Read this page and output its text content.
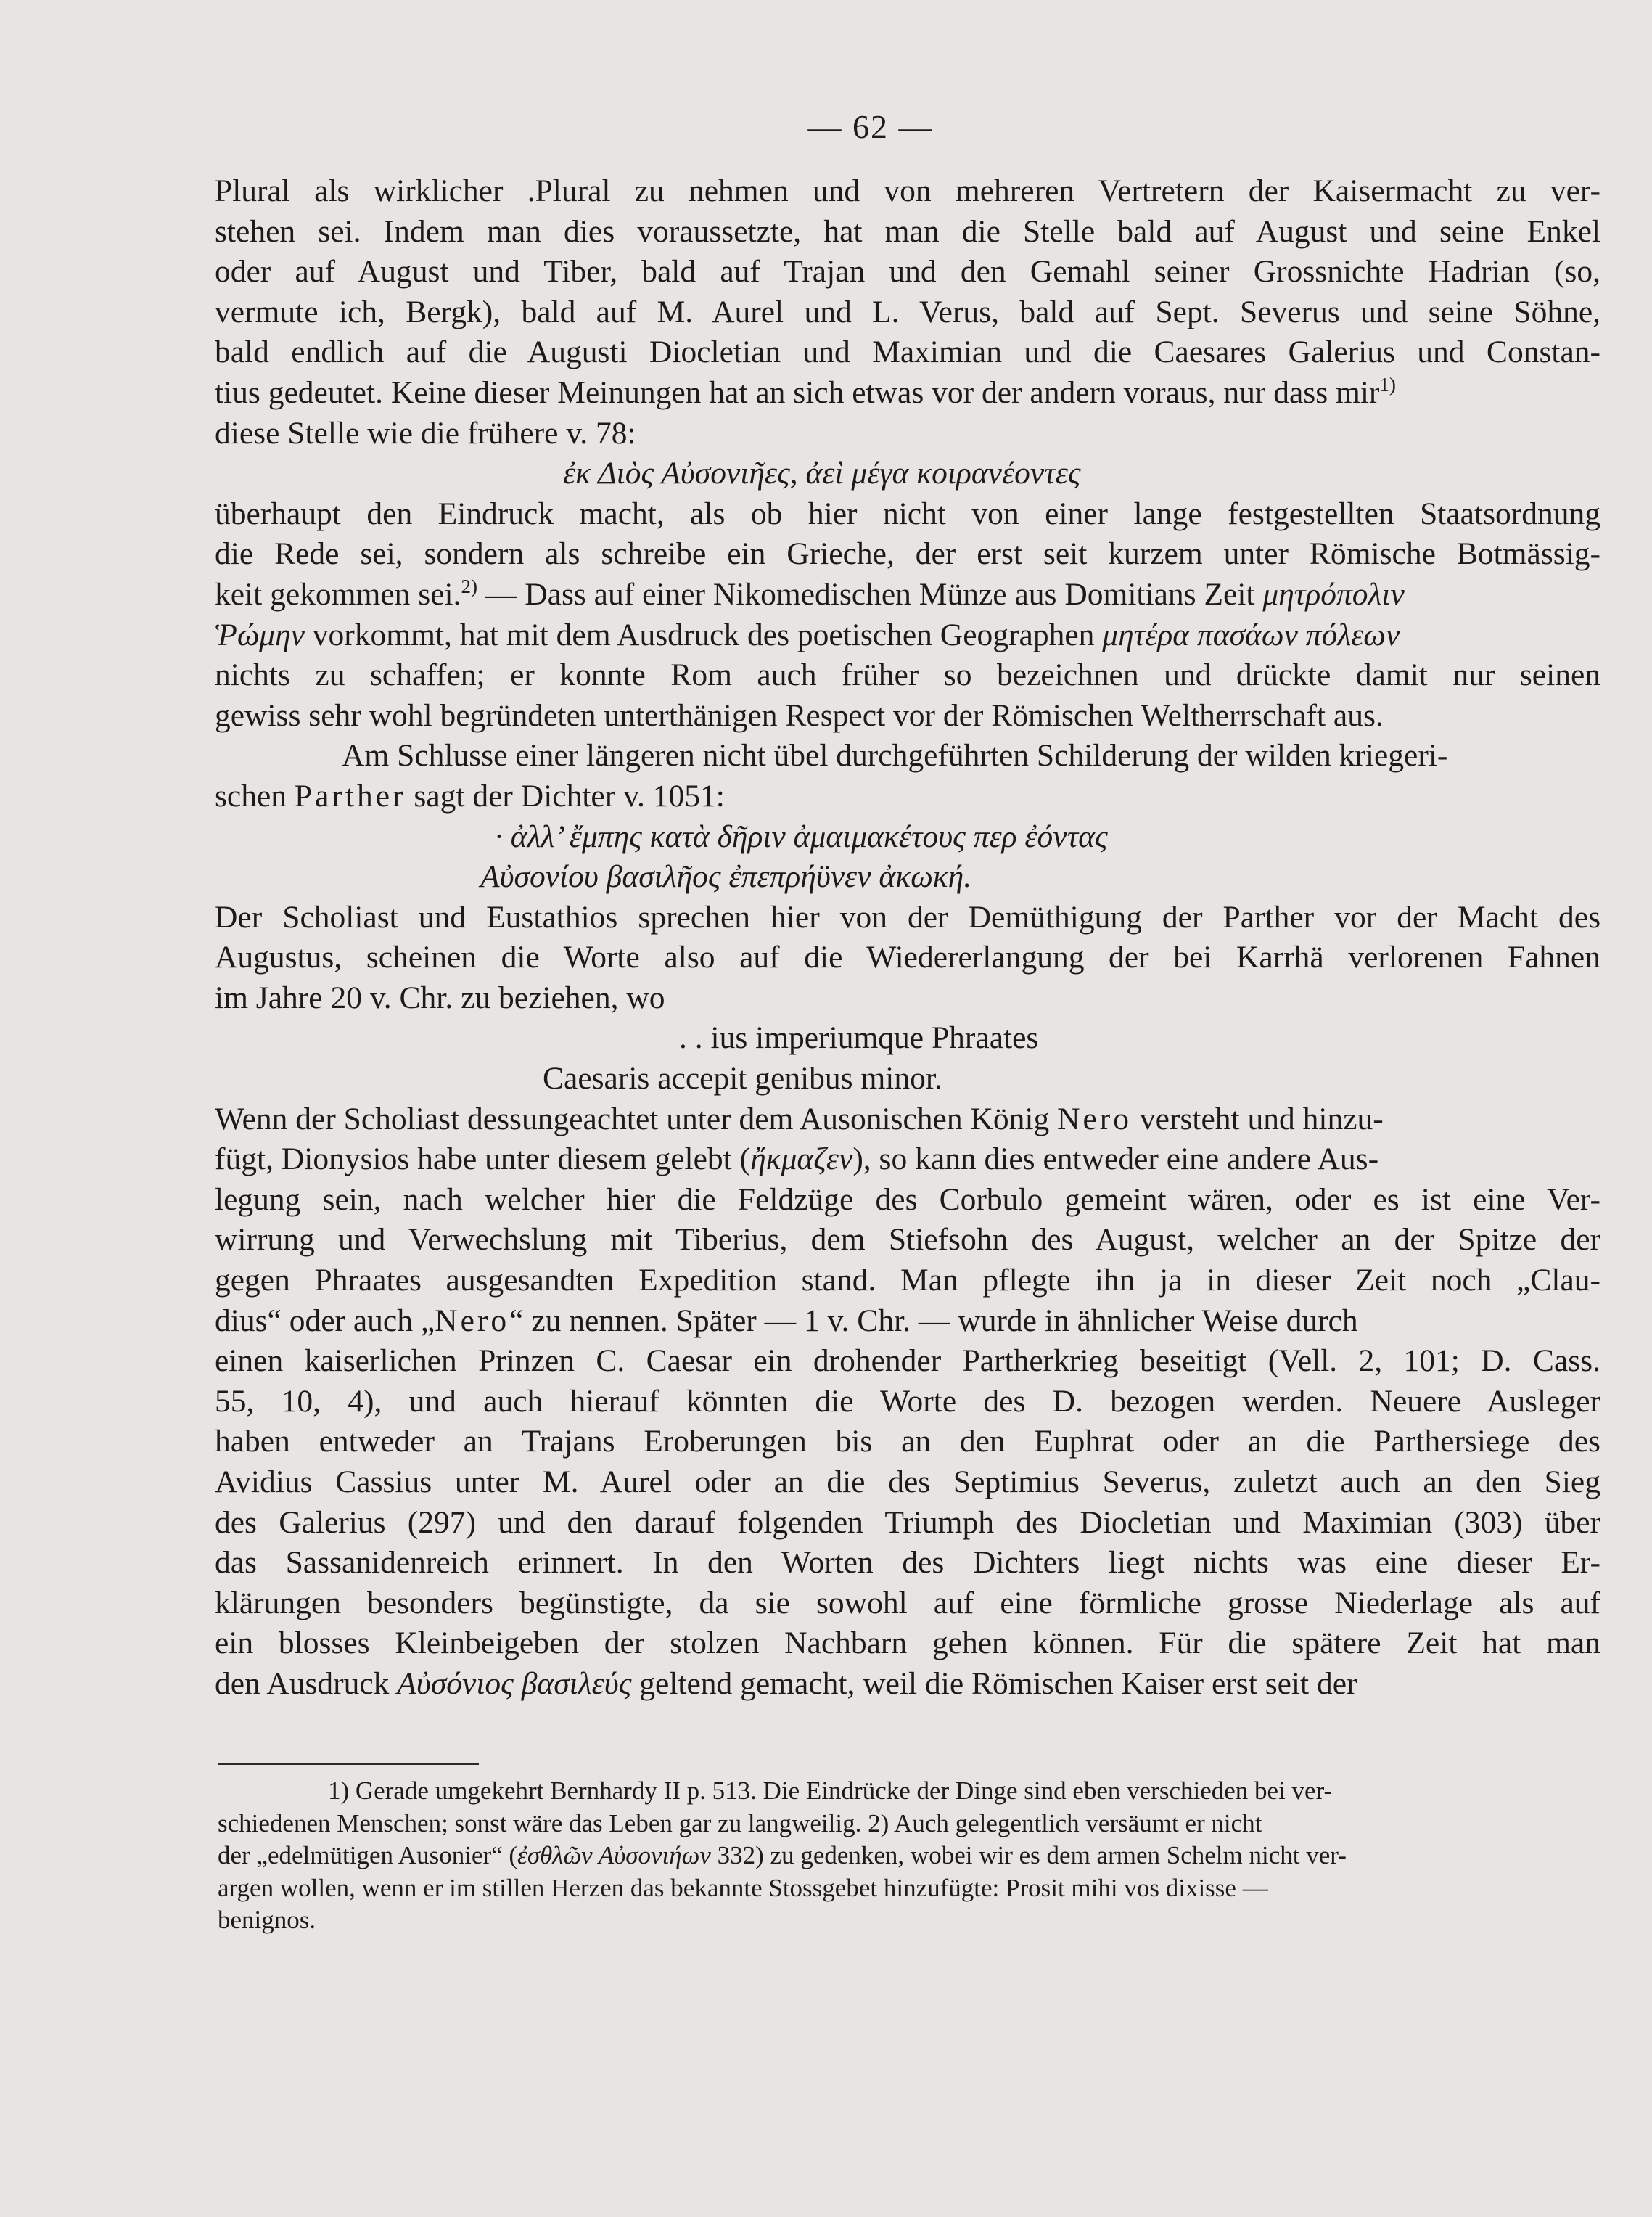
— 62 —
Plural als wirklicher .Plural zu nehmen und von mehreren Vertretern der Kaisermacht zu ver-
stehen sei. Indem man dies voraussetzte, hat man die Stelle bald auf August und seine Enkel
oder auf August und Tiber, bald auf Trajan und den Gemahl seiner Grossnichte Hadrian (so,
vermute ich, Bergk), bald auf M. Aurel und L. Verus, bald auf Sept. Severus und seine Söhne,
bald endlich auf die Augusti Diocletian und Maximian und die Caesares Galerius und Constan-
tius gedeutet. Keine dieser Meinungen hat an sich etwas vor der andern voraus, nur dass mir$^{1)}$
diese Stelle wie die frühere v. 78:
ἐκ Διὸς Αὐσονιῆες, ἀεὶ μέγα κοιρανέοντες
überhaupt den Eindruck macht, als ob hier nicht von einer lange festgestellten Staatsordnung
die Rede sei, sondern als schreibe ein Grieche, der erst seit kurzem unter Römische Botmässig-
keit gekommen sei.$^{2)}$ — Dass auf einer Nikomedischen Münze aus Domitians Zeit μητρόπολιν
Ῥώμην vorkommt, hat mit dem Ausdruck des poetischen Geographen μητέρα πασάων πόλεων
nichts zu schaffen; er konnte Rom auch früher so bezeichnen und drückte damit nur seinen
gewiss sehr wohl begründeten unterthänigen Respect vor der Römischen Weltherrschaft aus.
Am Schlusse einer längeren nicht übel durchgeführten Schilderung der wilden kriegeri-
schen Parther sagt der Dichter v. 1051:
· ἀλλ’ ἔμπης κατὰ δῆριν ἀμαιμακέτους περ ἐόντας
Αὐσονίου βασιλῆος ἐπεπρήϋνεν ἀκωκή.
Der Scholiast und Eustathios sprechen hier von der Demüthigung der Parther vor der Macht des
Augustus, scheinen die Worte also auf die Wiedererlangung der bei Karrhä verlorenen Fahnen
im Jahre 20 v. Chr. zu beziehen, wo
. . ius imperiumque Phraates
Caesaris accepit genibus minor.
Wenn der Scholiast dessungeachtet unter dem Ausonischen König Nero versteht und hinzu-
fügt, Dionysios habe unter diesem gelebt (ἤκμαζεν), so kann dies entweder eine andere Aus-
legung sein, nach welcher hier die Feldzüge des Corbulo gemeint wären, oder es ist eine Ver-
wirrung und Verwechslung mit Tiberius, dem Stiefsohn des August, welcher an der Spitze der
gegen Phraates ausgesandten Expedition stand. Man pflegte ihn ja in dieser Zeit noch „Clau-
dius“ oder auch „Nero“ zu nennen. Später — 1 v. Chr. — wurde in ähnlicher Weise durch
einen kaiserlichen Prinzen C. Caesar ein drohender Partherkrieg beseitigt (Vell. 2, 101; D. Cass.
55, 10, 4), und auch hierauf könnten die Worte des D. bezogen werden. Neuere Ausleger
haben entweder an Trajans Eroberungen bis an den Euphrat oder an die Parthersiege des
Avidius Cassius unter M. Aurel oder an die des Septimius Severus, zuletzt auch an den Sieg
des Galerius (297) und den darauf folgenden Triumph des Diocletian und Maximian (303) über
das Sassanidenreich erinnert. In den Worten des Dichters liegt nichts was eine dieser Er-
klärungen besonders begünstigte, da sie sowohl auf eine förmliche grosse Niederlage als auf
ein blosses Kleinbeigeben der stolzen Nachbarn gehen können. Für die spätere Zeit hat man
den Ausdruck Αὐσόνιος βασιλεύς geltend gemacht, weil die Römischen Kaiser erst seit der
1) Gerade umgekehrt Bernhardy II p. 513. Die Eindrücke der Dinge sind eben verschieden bei ver-
schiedenen Menschen; sonst wäre das Leben gar zu langweilig. 2) Auch gelegentlich versäumt er nicht
der „edelmütigen Ausonier“ (ἐσθλῶν Αὐσονιήων 332) zu gedenken, wobei wir es dem armen Schelm nicht ver-
argen wollen, wenn er im stillen Herzen das bekannte Stossgebet hinzufügte: Prosit mihi vos dixisse —
benignos.
